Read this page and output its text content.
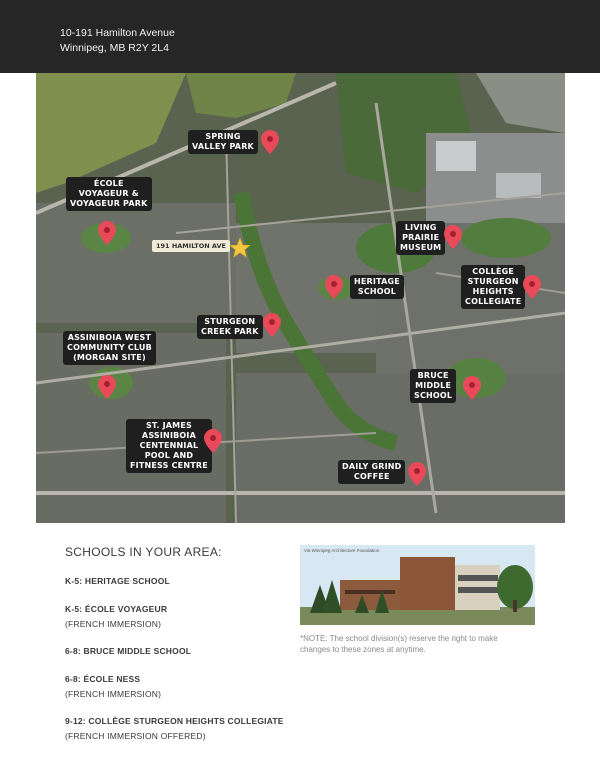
10-191 Hamilton Avenue
Winnipeg, MB R2Y 2L4
SPRING
VALLEY PARK
ÉCOLE
VOYAGEUR &
VOYAGEUR PARK
191 HAMILTON AVE
LIVING
PRAIRIE
MUSEUM
HERITAGE
SCHOOL
COLLÈGE
STURGEON
HEIGHTS
COLLEGIATE
STURGEON
CREEK PARK
ASSINIBOIA WEST
COMMUNITY CLUB
(MORGAN SITE)
BRUCE
MIDDLE
SCHOOL
ST. JAMES
ASSINIBOIA
CENTENNIAL
POOL AND
FITNESS CENTRE	DAILY GRIND
COFFEE
SCHOOLS IN YOUR AREA:
K-5: HERITAGE SCHOOL
K-5: ÉCOLE VOYAGEUR
(FRENCH IMMERSION)
6-8: BRUCE MIDDLE SCHOOL
6-8: ÉCOLE NESS
(FRENCH IMMERSION)
9-12: COLLÈGE STURGEON HEIGHTS COLLEGIATE
(FRENCH IMMERSION OFFERED)
Via Winnipeg Architecture Foundation
*NOTE: The school division(s) reserve the right to make changes to these zones at anytime.
